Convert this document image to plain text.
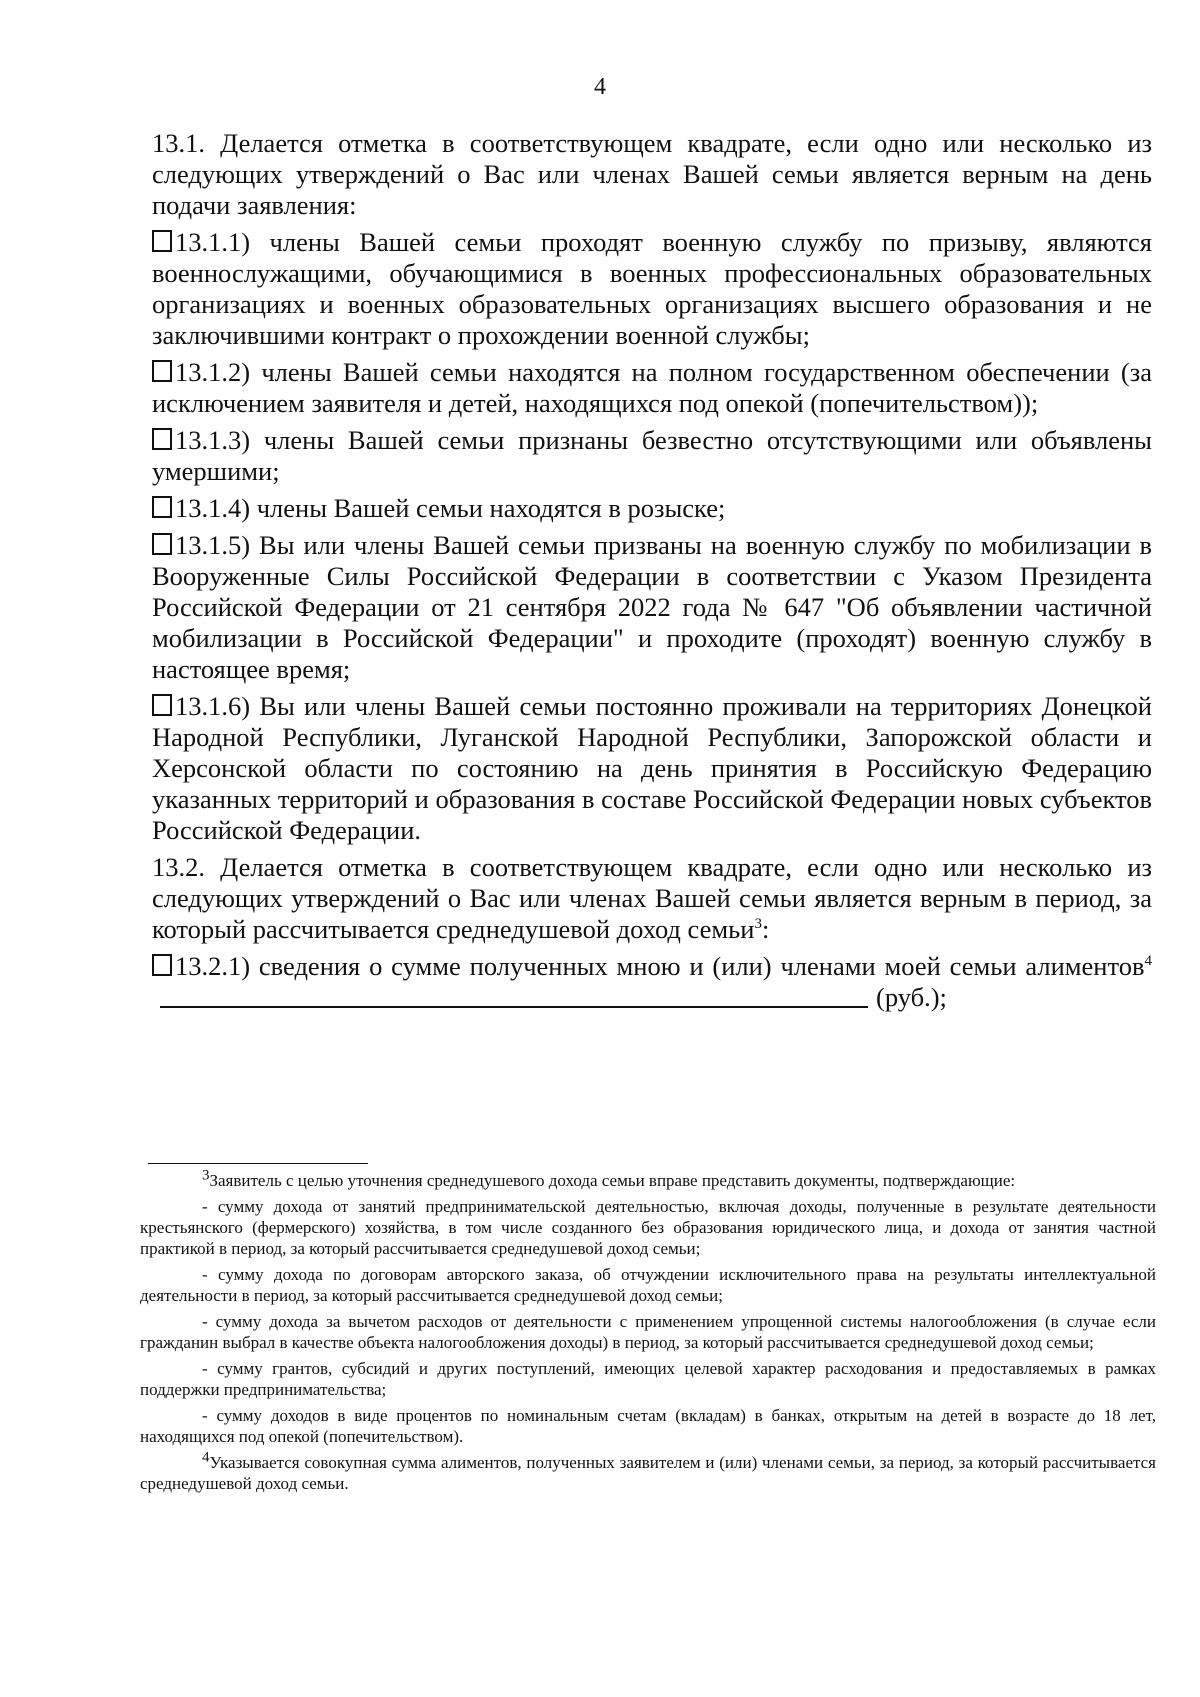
4

13.1. Делается отметка в соответствующем квадрате, если одно или несколько из следующих утверждений о Вас или членах Вашей семьи является верным на день подачи заявления:

13.1.1) члены Вашей семьи проходят военную службу по призыву, являются военнослужащими, обучающимися в военных профессиональных образовательных организациях и военных образовательных организациях высшего образования и не заключившими контракт о прохождении военной службы;

13.1.2) члены Вашей семьи находятся на полном государственном обеспечении (за исключением заявителя и детей, находящихся под опекой (попечительством));

13.1.3) члены Вашей семьи признаны безвестно отсутствующими или объявлены умершими;

13.1.4) члены Вашей семьи находятся в розыске;

13.1.5) Вы или члены Вашей семьи призваны на военную службу по мобилизации в Вооруженные Силы Российской Федерации в соответствии с Указом Президента Российской Федерации от 21 сентября 2022 года № 647 "Об объявлении частичной мобилизации в Российской Федерации" и проходите (проходят) военную службу в настоящее время;

13.1.6) Вы или члены Вашей семьи постоянно проживали на территориях Донецкой Народной Республики, Луганской Народной Республики, Запорожской области и Херсонской области по состоянию на день принятия в Российскую Федерацию указанных территорий и образования в составе Российской Федерации новых субъектов Российской Федерации.

13.2. Делается отметка в соответствующем квадрате, если одно или несколько из следующих утверждений о Вас или членах Вашей семьи является верным в период, за который рассчитывается среднедушевой доход семьи$^3$:

13.2.1) сведения о сумме полученных мною и (или) членами моей семьи алиментов$^4$(руб.);

$^3$Заявитель с целью уточнения среднедушевого дохода семьи вправе представить документы, подтверждающие:

- сумму дохода от занятий предпринимательской деятельностью, включая доходы, полученные в результате деятельности крестьянского (фермерского) хозяйства, в том числе созданного без образования юридического лица, и дохода от занятия частной практикой в период, за который рассчитывается среднедушевой доход семьи;

- сумму дохода по договорам авторского заказа, об отчуждении исключительного права на результаты интеллектуальной деятельности в период, за который рассчитывается среднедушевой доход семьи;

- сумму дохода за вычетом расходов от деятельности с применением упрощенной системы налогообложения (в случае если гражданин выбрал в качестве объекта налогообложения доходы) в период, за который рассчитывается среднедушевой доход семьи;

- сумму грантов, субсидий и других поступлений, имеющих целевой характер расходования и предоставляемых в рамках поддержки предпринимательства;

- сумму доходов в виде процентов по номинальным счетам (вкладам) в банках, открытым на детей в возрасте до 18 лет, находящихся под опекой (попечительством).

$^4$Указывается совокупная сумма алиментов, полученных заявителем и (или) членами семьи, за период, за который рассчитывается среднедушевой доход семьи.
